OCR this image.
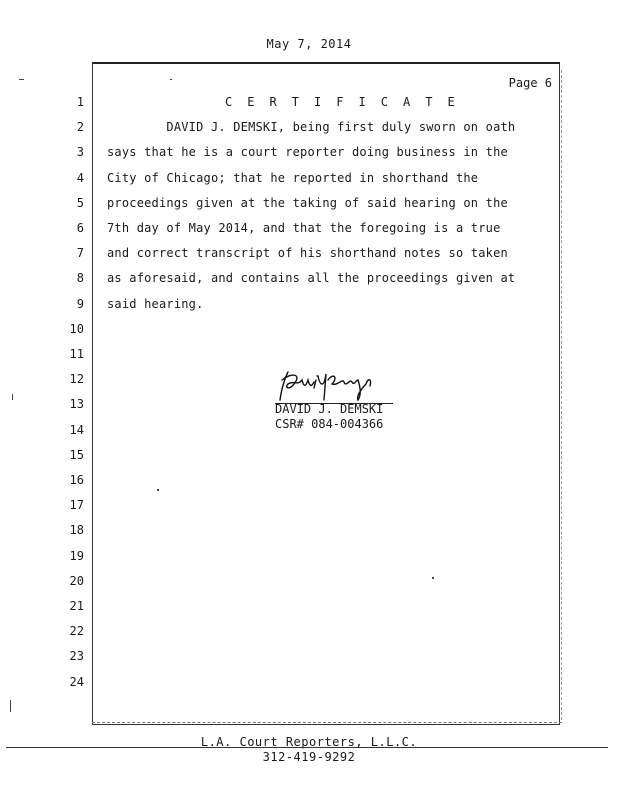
May 7, 2014
Page 6
1	C E R T I F I C A T E
2 DAVID J. DEMSKI, being first duly sworn on oath
3 says that he is a court reporter doing business in the
4 City of Chicago; that he reported in shorthand the
5 proceedings given at the taking of said hearing on the
6 7th day of May 2014, and that the foregoing is a true
7 and correct transcript of his shorthand notes so taken
8 as aforesaid, and contains all the proceedings given at
9 said hearing.
10
11
12
13
14
15
16
17
18
19
20
21
22
23
24
DAVID J. DEMSKI
CSR# 084-004366
L.A. Court Reporters, L.L.C.
312-419-9292
